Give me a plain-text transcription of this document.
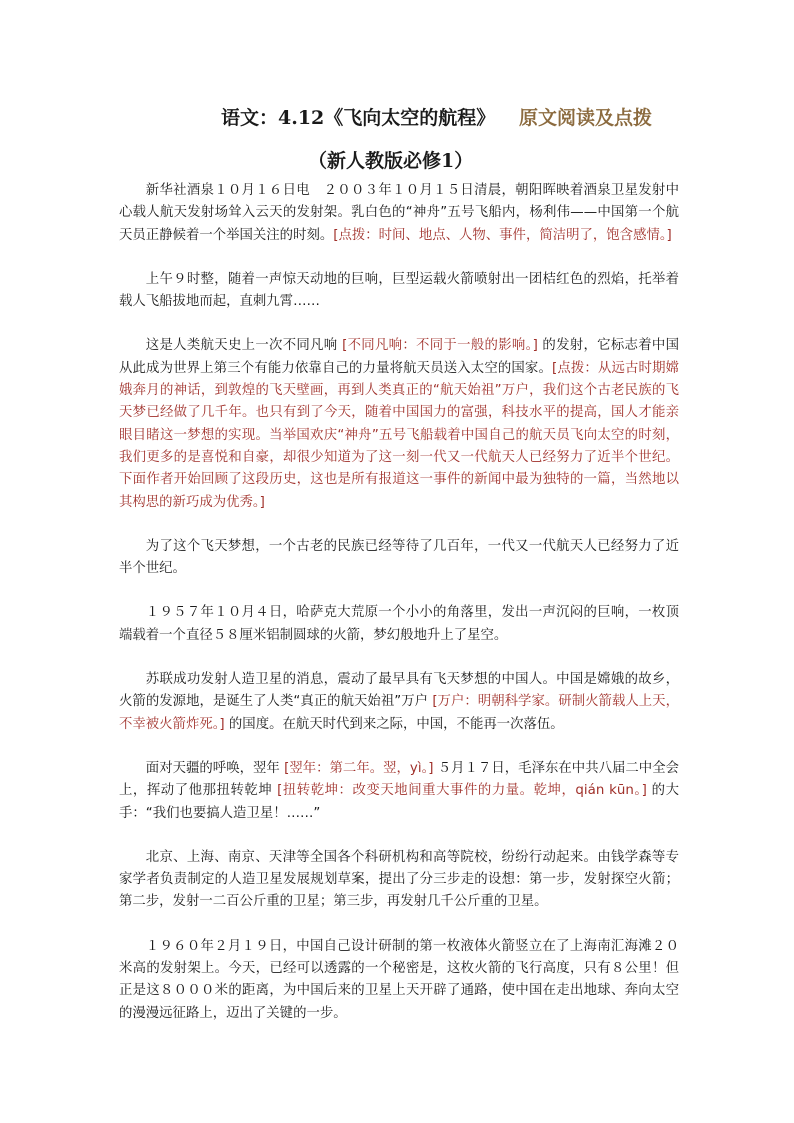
语文：4.12《飞向太空的航程》 原文阅读及点拨
（新人教版必修1）

新华社酒泉１０月１６日电　２００３年１０月１５日清晨，朝阳晖映着酒泉卫星发射中心载人航天发射场耸入云天的发射架。乳白色的“神舟”五号飞船内，杨利伟——中国第一个航天员正静候着一个举国关注的时刻。[点拨：时间、地点、人物、事件，简洁明了，饱含感情。]

上午９时整，随着一声惊天动地的巨响，巨型运载火箭喷射出一团桔红色的烈焰，托举着载人飞船拔地而起，直刺九霄……

这是人类航天史上一次不同凡响 [不同凡响：不同于一般的影响。] 的发射，它标志着中国从此成为世界上第三个有能力依靠自己的力量将航天员送入太空的国家。[点拨：从远古时期嫦娥奔月的神话，到敦煌的飞天壁画，再到人类真正的“航天始祖”万户，我们这个古老民族的飞天梦已经做了几千年。也只有到了今天，随着中国国力的富强，科技水平的提高，国人才能亲眼目睹这一梦想的实现。当举国欢庆“神舟”五号飞船载着中国自己的航天员飞向太空的时刻，我们更多的是喜悦和自豪，却很少知道为了这一刻一代又一代航天人已经努力了近半个世纪。下面作者开始回顾了这段历史，这也是所有报道这一事件的新闻中最为独特的一篇，当然地以其构思的新巧成为优秀。]

为了这个飞天梦想，一个古老的民族已经等待了几百年，一代又一代航天人已经努力了近半个世纪。

１９５７年１０月４日，哈萨克大荒原一个小小的角落里，发出一声沉闷的巨响，一枚顶端载着一个直径５８厘米铝制圆球的火箭，梦幻般地升上了星空。

苏联成功发射人造卫星的消息，震动了最早具有飞天梦想的中国人。中国是嫦娥的故乡，火箭的发源地，是诞生了人类“真正的航天始祖”万户 [万户：明朝科学家。研制火箭载人上天，不幸被火箭炸死。] 的国度。在航天时代到来之际，中国，不能再一次落伍。

面对天疆的呼唤，翌年 [翌年：第二年。翌，yì。] ５月１７日，毛泽东在中共八届二中全会上，挥动了他那扭转乾坤 [扭转乾坤：改变天地间重大事件的力量。乾坤，qián kūn。] 的大手：“我们也要搞人造卫星！……”

北京、上海、南京、天津等全国各个科研机构和高等院校，纷纷行动起来。由钱学森等专家学者负责制定的人造卫星发展规划草案，提出了分三步走的设想：第一步，发射探空火箭；第二步，发射一二百公斤重的卫星；第三步，再发射几千公斤重的卫星。

１９６０年２月１９日，中国自己设计研制的第一枚液体火箭竖立在了上海南汇海滩２０米高的发射架上。今天，已经可以透露的一个秘密是，这枚火箭的飞行高度，只有８公里！但正是这８０００米的距离，为中国后来的卫星上天开辟了通路，使中国在走出地球、奔向太空的漫漫远征路上，迈出了关键的一步。
